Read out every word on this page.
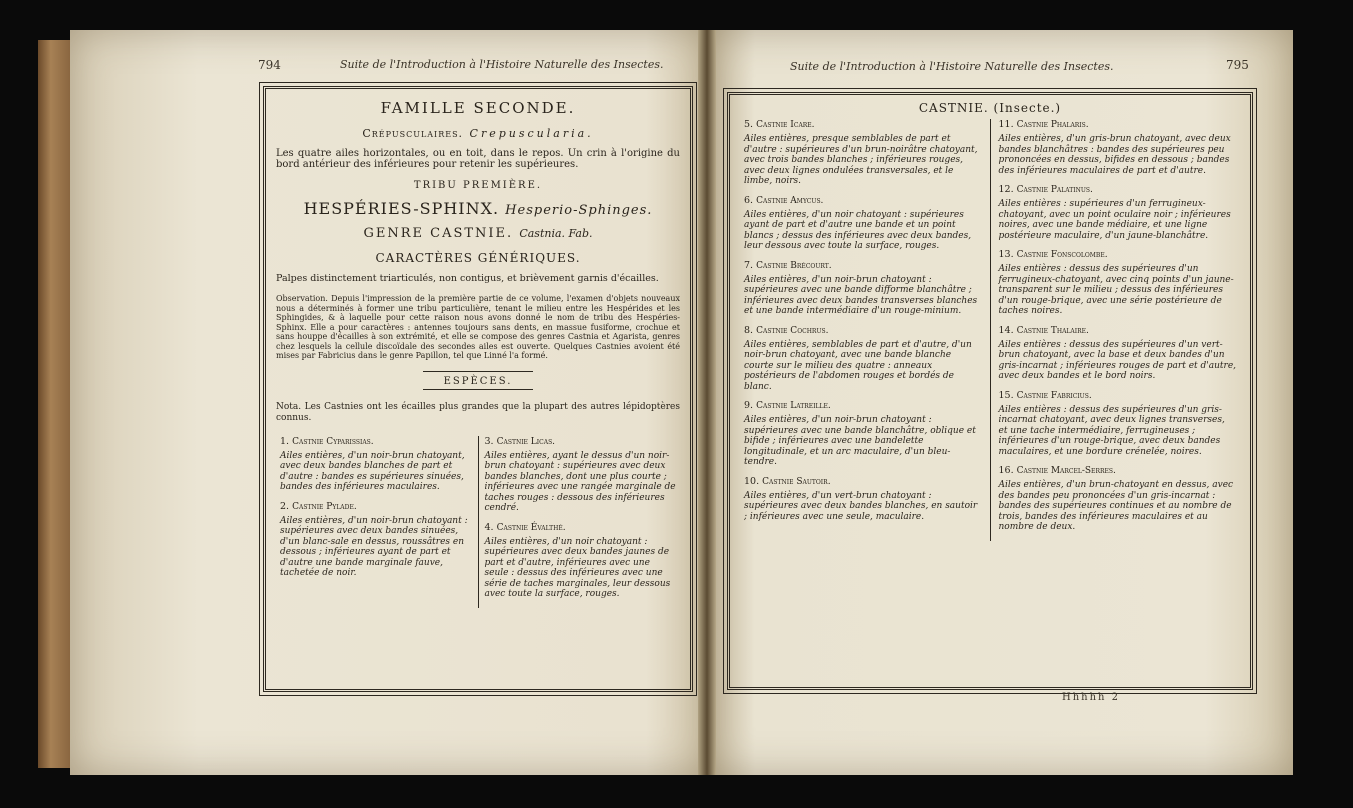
794	Suite de l'Introduction à l'Histoire Naturelle des Insectes.
FAMILLE SECONDE.
Crépusculaires. Crepuscularia.
Les quatre ailes horizontales, ou en toit, dans le repos. Un crin à l'origine du bord antérieur des inférieures pour retenir les supérieures.
TRIBU PREMIÈRE.
HESPÉRIES-SPHINX. Hesperio-Sphinges.
GENRE CASTNIE. Castnia. Fab.
CARACTÈRES GÉNÉRIQUES.
Palpes distinctement triarticulés, non contigus, et brièvement garnis d'écailles.
Observation. Depuis l'impression de la première partie de ce volume, l'examen d'objets nouveaux nous a déterminés à former une tribu particulière, tenant le milieu entre les Hespérides et les Sphingides, & à laquelle pour cette raison nous avons donné le nom de tribu des Hespéries-Sphinx. Elle a pour caractères : antennes toujours sans dents, en massue fusiforme, crochue et sans houppe d'écailles à son extrémité, et elle se compose des genres Castnia et Agarista, genres chez lesquels la cellule discoïdale des secondes ailes est ouverte. Quelques Castnies avoient été mises par Fabricius dans le genre Papillon, tel que Linné l'a formé.
ESPÈCES.
Nota. Les Castnies ont les écailles plus grandes que la plupart des autres lépidoptères connus.
1. Castnie Cyparissias.
Ailes entières, d'un noir-brun chatoyant, avec deux bandes blanches de part et d'autre : bandes es supérieures sinuées, bandes des inférieures maculaires.
2. Castnie Pylade.
Ailes entières, d'un noir-brun chatoyant : supérieures avec deux bandes sinuées, d'un blanc-sale en dessus, roussâtres en dessous ; inférieures ayant de part et d'autre une bande marginale fauve, tachetée de noir.
3. Castnie Licas.
Ailes entières, ayant le dessus d'un noir-brun chatoyant : supérieures avec deux bandes blanches, dont une plus courte ; inférieures avec une rangée marginale de taches rouges : dessous des inférieures cendré.
4. Castnie Évalthé.
Ailes entières, d'un noir chatoyant : supérieures avec deux bandes jaunes de part et d'autre, inférieures avec une seule : dessus des inférieures avec une série de taches marginales, leur dessous avec toute la surface, rouges.
Suite de l'Introduction à l'Histoire Naturelle des Insectes.	795
CASTNIE. (Insecte.)
5. Castnie Icare.
Ailes entières, presque semblables de part et d'autre : supérieures d'un brun-noirâtre chatoyant, avec trois bandes blanches ; inférieures rouges, avec deux lignes ondulées transversales, et le limbe, noirs.
6. Castnie Amycus.
Ailes entières, d'un noir chatoyant : supérieures ayant de part et d'autre une bande et un point blancs ; dessus des inférieures avec deux bandes, leur dessous avec toute la surface, rouges.
7. Castnie Brécourt.
Ailes entières, d'un noir-brun chatoyant : supérieures avec une bande difforme blanchâtre ; inférieures avec deux bandes transverses blanches et une bande intermédiaire d'un rouge-minium.
8. Castnie Cochrus.
Ailes entières, semblables de part et d'autre, d'un noir-brun chatoyant, avec une bande blanche courte sur le milieu des quatre : anneaux postérieurs de l'abdomen rouges et bordés de blanc.
9. Castnie Latreille.
Ailes entières, d'un noir-brun chatoyant : supérieures avec une bande blanchâtre, oblique et bifide ; inférieures avec une bandelette longitudinale, et un arc maculaire, d'un bleu-tendre.
10. Castnie Sautoir.
Ailes entières, d'un vert-brun chatoyant : supérieures avec deux bandes blanches, en sautoir ; inférieures avec une seule, maculaire.
11. Castnie Phalaris.
Ailes entières, d'un gris-brun chatoyant, avec deux bandes blanchâtres : bandes des supérieures peu prononcées en dessus, bifides en dessous ; bandes des inférieures maculaires de part et d'autre.
12. Castnie Palatinus.
Ailes entières : supérieures d'un ferrugineux-chatoyant, avec un point oculaire noir ; inférieures noires, avec une bande médiaire, et une ligne postérieure maculaire, d'un jaune-blanchâtre.
13. Castnie Fonscolombe.
Ailes entières : dessus des supérieures d'un ferrugineux-chatoyant, avec cinq points d'un jaune-transparent sur le milieu ; dessus des inférieures d'un rouge-brique, avec une série postérieure de taches noires.
14. Castnie Thalaire.
Ailes entières : dessus des supérieures d'un vert-brun chatoyant, avec la base et deux bandes d'un gris-incarnat ; inférieures rouges de part et d'autre, avec deux bandes et le bord noirs.
15. Castnie Fabricius.
Ailes entières : dessus des supérieures d'un gris-incarnat chatoyant, avec deux lignes transverses, et une tache intermédiaire, ferrugineuses ; inférieures d'un rouge-brique, avec deux bandes maculaires, et une bordure crénelée, noires.
16. Castnie Marcel-Serres.
Ailes entières, d'un brun-chatoyant en dessus, avec des bandes peu prononcées d'un gris-incarnat : bandes des supérieures continues et au nombre de trois, bandes des inférieures maculaires et au nombre de deux.
Hhhhh 2
